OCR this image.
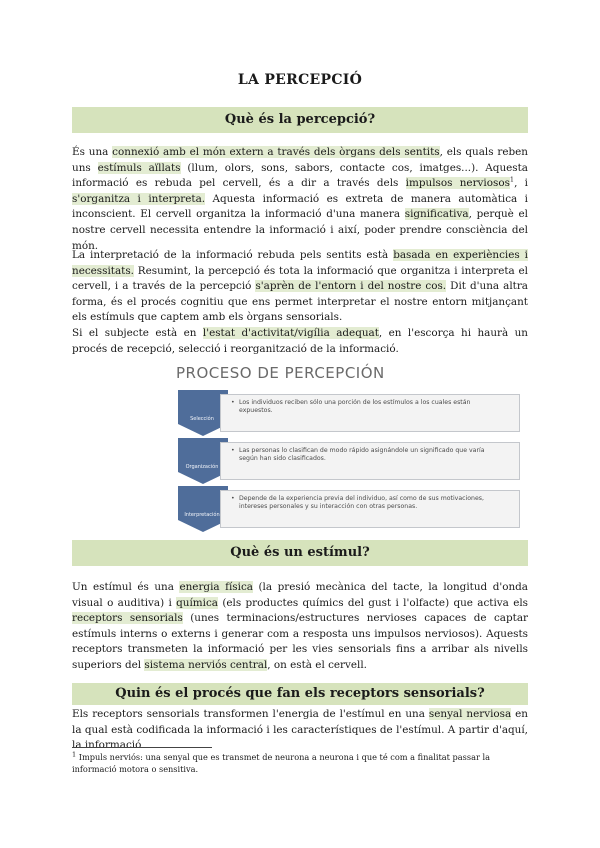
LA PERCEPCIÓ
Què és la percepció?

És una connexió amb el món extern a través dels òrgans dels sentits, els quals reben uns estímuls aïllats (llum, olors, sons, sabors, contacte cos, imatges...). Aquesta informació es rebuda pel cervell, és a dir a través dels impulsos nerviosos$^1$, i s'organitza i interpreta. Aquesta informació es extreta de manera automàtica i inconscient. El cervell organitza la informació d'una manera significativa, perquè el nostre cervell necessita entendre la informació i així, poder prendre consciència del món.

La interpretació de la informació rebuda pels sentits està basada en experiències i necessitats. Resumint, la percepció és tota la informació que organitza i interpreta el cervell, i a través de la percepció s'aprèn de l'entorn i del nostre cos. Dit d'una altra forma, és el procés cognitiu que ens permet interpretar el nostre entorn mitjançant els estímuls que captem amb els òrgans sensorials.
Si el subjecte està en l'estat d'activitat/vigília adequat, en l'escorça hi haurà un procés de recepció, selecció i reorganització de la informació.

PROCESO DE PERCEPCIÓN
Selección
Organización
Interpretación
• Los individuos reciben sólo una porción de los estímulos a los cuales están expuestos.
• Las personas lo clasifican de modo rápido asignándole un significado que varía según han sido clasificados.
• Depende de la experiencia previa del individuo, así como de sus motivaciones, intereses personales y su interacción con otras personas.
Què és un estímul?

Un estímul és una energia física (la presió mecànica del tacte, la longitud d'onda visual o auditiva) i química (els productes químics del gust i l'olfacte) que activa els receptors sensorials (unes terminacions/estructures nervioses capaces de captar estímuls interns o externs i generar com a resposta uns impulsos nerviosos). Aquests receptors transmeten la informació per les vies sensorials fins a arribar als nivells superiors del sistema nerviós central, on està el cervell.

Quin és el procés que fan els receptors sensorials?

Els receptors sensorials transformen l'energia de l'estímul en una senyal nerviosa en la qual està codificada la informació i les característiques de l'estímul. A partir d'aquí, la informació

$^1$ Impuls nerviós: una senyal que es transmet de neurona a neurona i que té com a finalitat passar la informació motora o sensitiva.
